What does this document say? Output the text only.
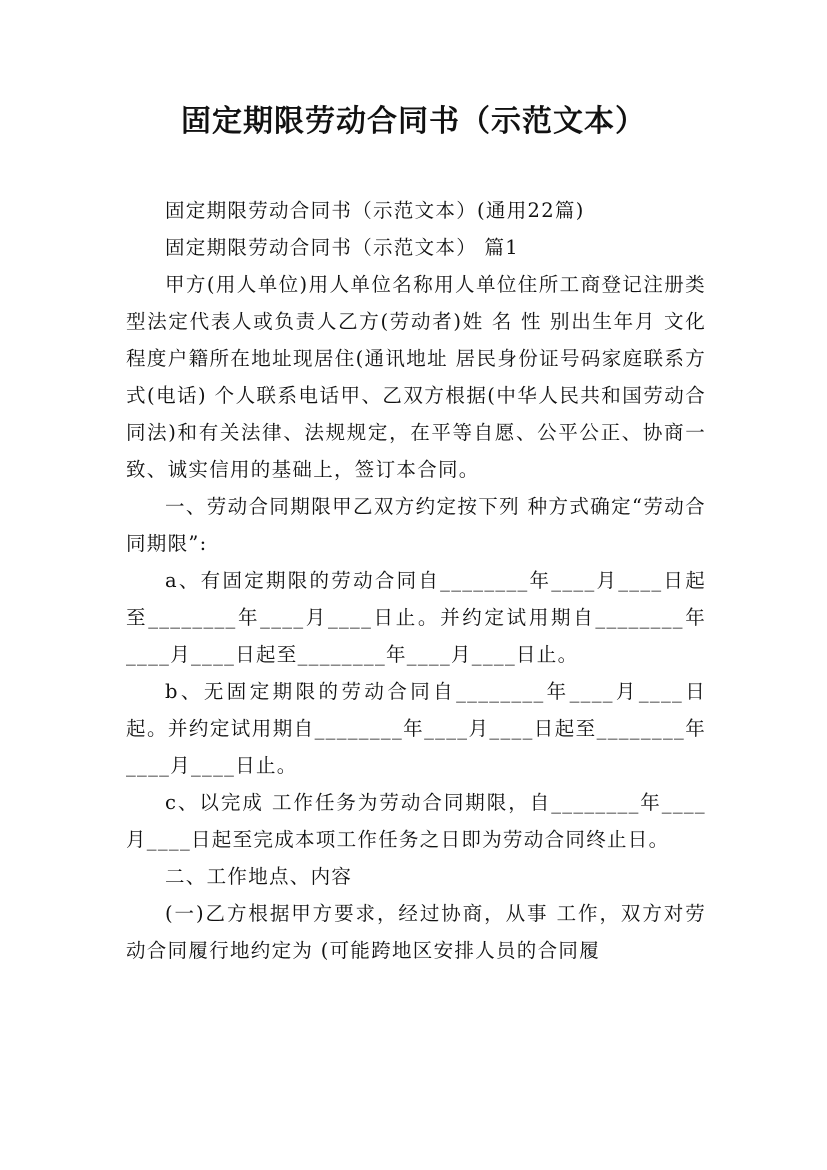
固定期限劳动合同书（示范文本）

固定期限劳动合同书（示范文本）(通用22篇)

固定期限劳动合同书（示范文本） 篇1

甲方(用人单位)用人单位名称用人单位住所工商登记注册类型法定代表人或负责人乙方(劳动者)姓 名 性 别出生年月 文化程度户籍所在地址现居住(通讯地址 居民身份证号码家庭联系方式(电话) 个人联系电话甲、乙双方根据(中华人民共和国劳动合同法)和有关法律、法规规定，在平等自愿、公平公正、协商一致、诚实信用的基础上，签订本合同。

一、劳动合同期限甲乙双方约定按下列 种方式确定“劳动合同期限”:

a、有固定期限的劳动合同自________年____月____日起至________年____月____日止。并约定试用期自________年____月____日起至________年____月____日止。

b、无固定期限的劳动合同自________年____月____日起。并约定试用期自________年____月____日起至________年____月____日止。

c、以完成 工作任务为劳动合同期限，自________年____月____日起至完成本项工作任务之日即为劳动合同终止日。

二、工作地点、内容

(一)乙方根据甲方要求，经过协商，从事 工作，双方对劳动合同履行地约定为 (可能跨地区安排人员的合同履
